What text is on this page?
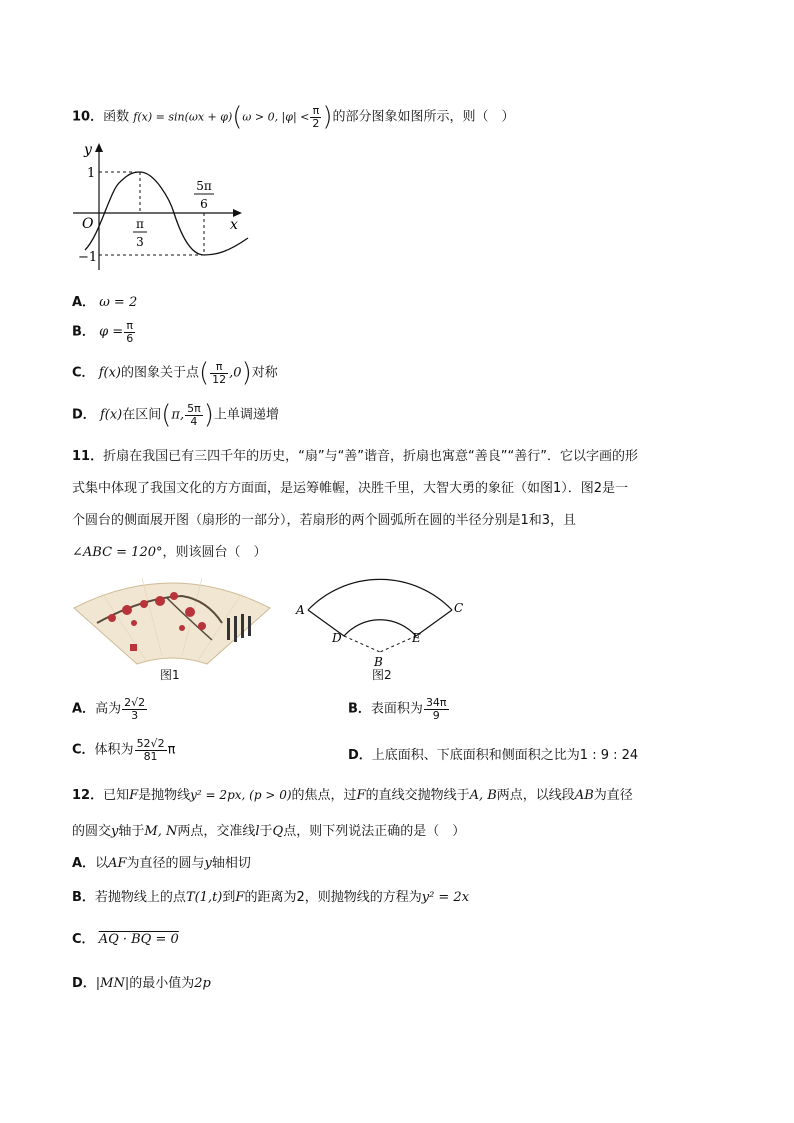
10．函数 f(x) = sin(ωx + φ)(ω > 0, $|\varphi| < \frac{\pi}{2}$ )的部分图象如图所示，则（　）
y
x
O
1
−1
π
3
5π
6
A． ω = 2
B． $\varphi = \frac{\pi}{6}$
C． f(x)的图象关于点( $\frac{\pi}{12} ,0$)对称
D． f(x)在区间(π, $\frac{5\pi}{4}$ )上单调递增
11．折扇在我国已有三四千年的历史，“扇”与“善”谐音，折扇也寓意“善良”“善行”．它以字画的形
式集中体现了我国文化的方方面面，是运筹帷幄，决胜千里，大智大勇的象征（如图1）．图2是一
个圆台的侧面展开图（扇形的一部分），若扇形的两个圆弧所在圆的半径分别是1和3，且
∠ABC = 120°，则该圆台（　）
图1
A	C
D	E
B
图2
A．高为 $\frac{2√2}{3}$	B．表面积为 $\frac{34\pi}{9}$
C．体积为 $\frac{52√2}{81}$ π	D．上底面积、下底面积和侧面积之比为1 : 9 : 24
12．已知F是抛物线y² = 2px, (p > 0)的焦点，过F的直线交抛物线于A, B两点，以线段AB为直径
的圆交y轴于M, N两点，交准线l于Q点，则下列说法正确的是（　）
A．以AF为直径的圆与y轴相切
B．若抛物线上的点T(1,t)到F的距离为2，则抛物线的方程为y² = 2x
C． AQ · BQ = 0
D．|MN|的最小值为2p
